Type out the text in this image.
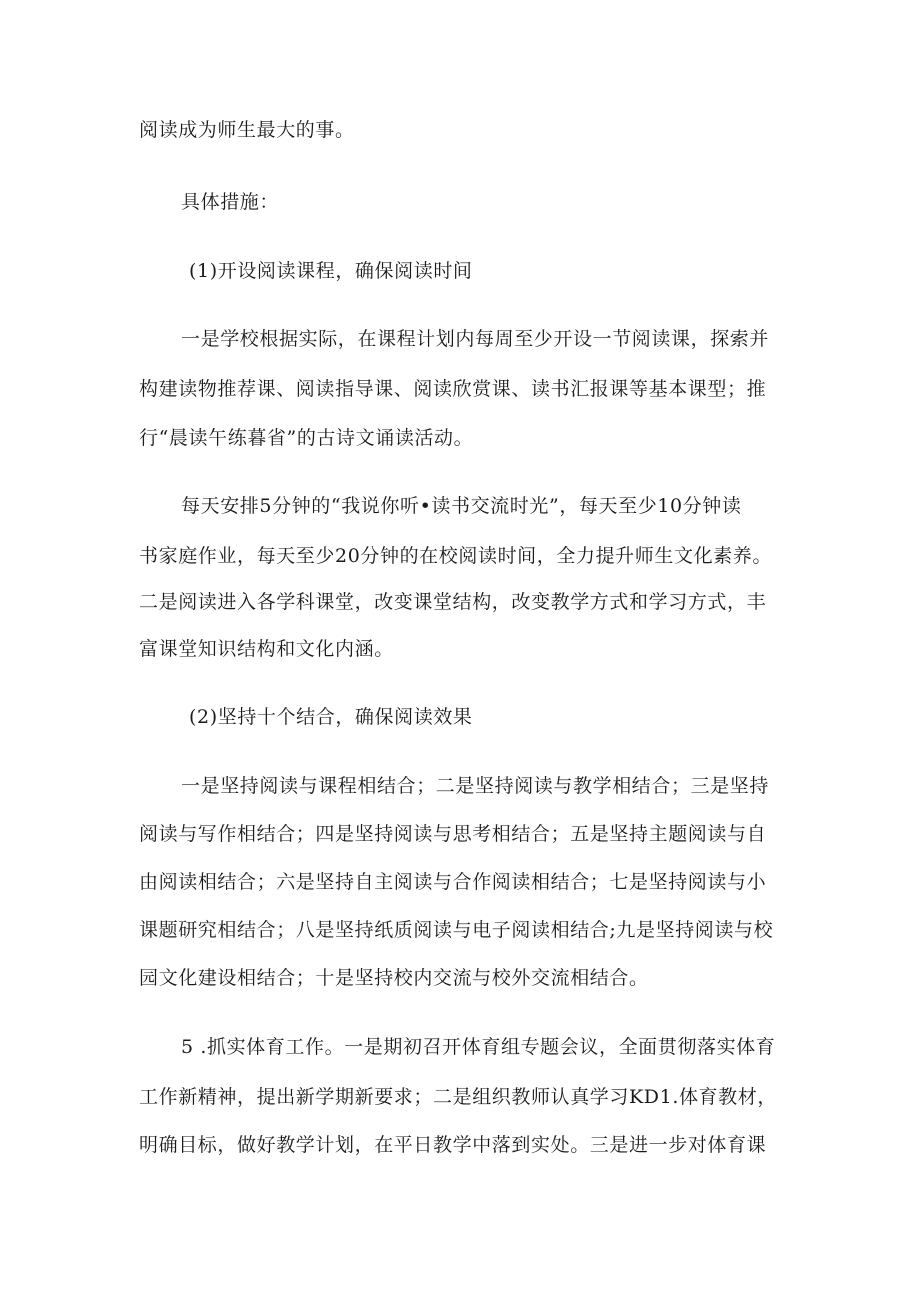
阅读成为师生最大的事。
具体措施：
(1)开设阅读课程，确保阅读时间
一是学校根据实际，在课程计划内每周至少开设一节阅读课，探索并
构建读物推荐课、阅读指导课、阅读欣赏课、读书汇报课等基本课型；推
行“晨读午练暮省”的古诗文诵读活动。
每天安排5分钟的“我说你听•读书交流时光”，每天至少10分钟读
书家庭作业，每天至少20分钟的在校阅读时间，全力提升师生文化素养。
二是阅读进入各学科课堂，改变课堂结构，改变教学方式和学习方式，丰
富课堂知识结构和文化内涵。
(2)坚持十个结合，确保阅读效果
一是坚持阅读与课程相结合；二是坚持阅读与教学相结合；三是坚持
阅读与写作相结合；四是坚持阅读与思考相结合；五是坚持主题阅读与自
由阅读相结合；六是坚持自主阅读与合作阅读相结合；七是坚持阅读与小
课题研究相结合；八是坚持纸质阅读与电子阅读相结合;九是坚持阅读与校
园文化建设相结合；十是坚持校内交流与校外交流相结合。
5 .抓实体育工作。一是期初召开体育组专题会议，全面贯彻落实体育
工作新精神，提出新学期新要求；二是组织教师认真学习KD1.体育教材，
明确目标，做好教学计划，在平日教学中落到实处。三是进一步对体育课
